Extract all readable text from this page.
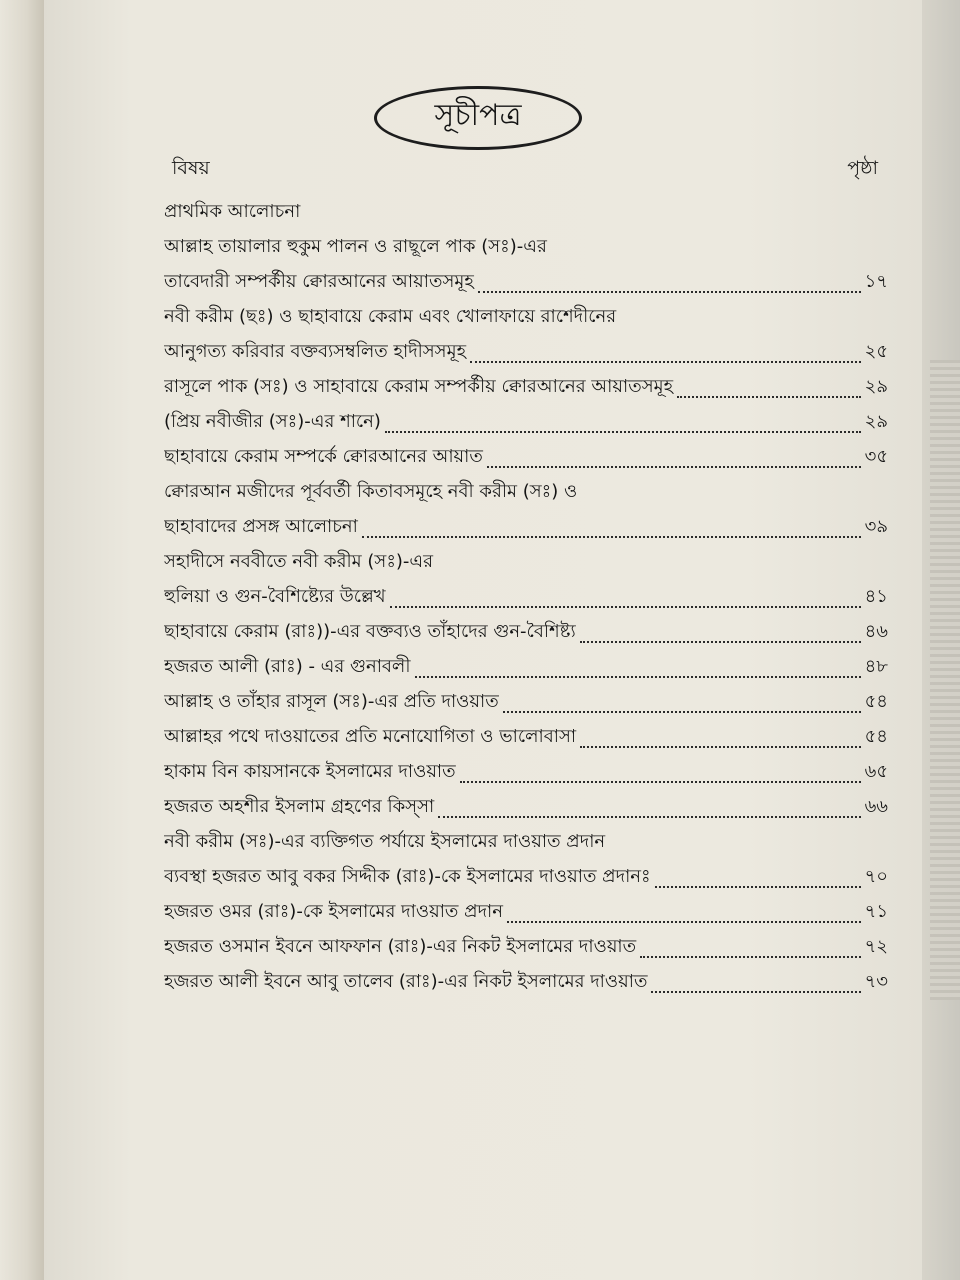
সূচীপত্র
বিষয়	পৃষ্ঠা
প্রাথমিক আলোচনা
আল্লাহ তায়ালার হুকুম পালন ও রাছূলে পাক (সঃ)-এর
তাবেদারী সম্পর্কীয় ক্বোরআনের আয়াতসমূহ	১৭
নবী করীম (ছঃ) ও ছাহাবায়ে কেরাম এবং খোলাফায়ে রাশেদীনের
আনুগত্য করিবার বক্তব্যসম্বলিত হাদীসসমূহ	২৫
রাসূলে পাক (সঃ) ও সাহাবায়ে কেরাম সম্পর্কীয় ক্বোরআনের আয়াতসমূহ	২৯
(প্রিয় নবীজীর (সঃ)-এর শানে)	২৯
ছাহাবায়ে কেরাম সম্পর্কে ক্বোরআনের আয়াত	৩৫
ক্বোরআন মজীদের পূর্ববর্তী কিতাবসমূহে নবী করীম (সঃ) ও
ছাহাবাদের প্রসঙ্গ আলোচনা	৩৯
সহাদীসে নববীতে নবী করীম (সঃ)-এর
হুলিয়া ও গুন-বৈশিষ্ট্যের উল্লেখ	৪১
ছাহাবায়ে কেরাম (রাঃ))-এর বক্তব্যও তাঁহাদের গুন-বৈশিষ্ট্য	৪৬
হজরত আলী (রাঃ) - এর গুনাবলী	৪৮
আল্লাহ ও তাঁহার রাসূল (সঃ)-এর প্রতি দাওয়াত	৫৪
আল্লাহর পথে দাওয়াতের প্রতি মনোযোগিতা ও ভালোবাসা	৫৪
হাকাম বিন কায়সানকে ইসলামের দাওয়াত	৬৫
হজরত অহশীর ইসলাম গ্রহণের কিস্সা	৬৬
নবী করীম (সঃ)-এর ব্যক্তিগত পর্যায়ে ইসলামের দাওয়াত প্রদান
ব্যবস্থা হজরত আবু বকর সিদ্দীক (রাঃ)-কে ইসলামের দাওয়াত প্রদানঃ	৭০
হজরত ওমর (রাঃ)-কে ইসলামের দাওয়াত প্রদান	৭১
হজরত ওসমান ইবনে আফফান (রাঃ)-এর নিকট ইসলামের দাওয়াত	৭২
হজরত আলী ইবনে আবু তালেব (রাঃ)-এর নিকট ইসলামের দাওয়াত	৭৩
